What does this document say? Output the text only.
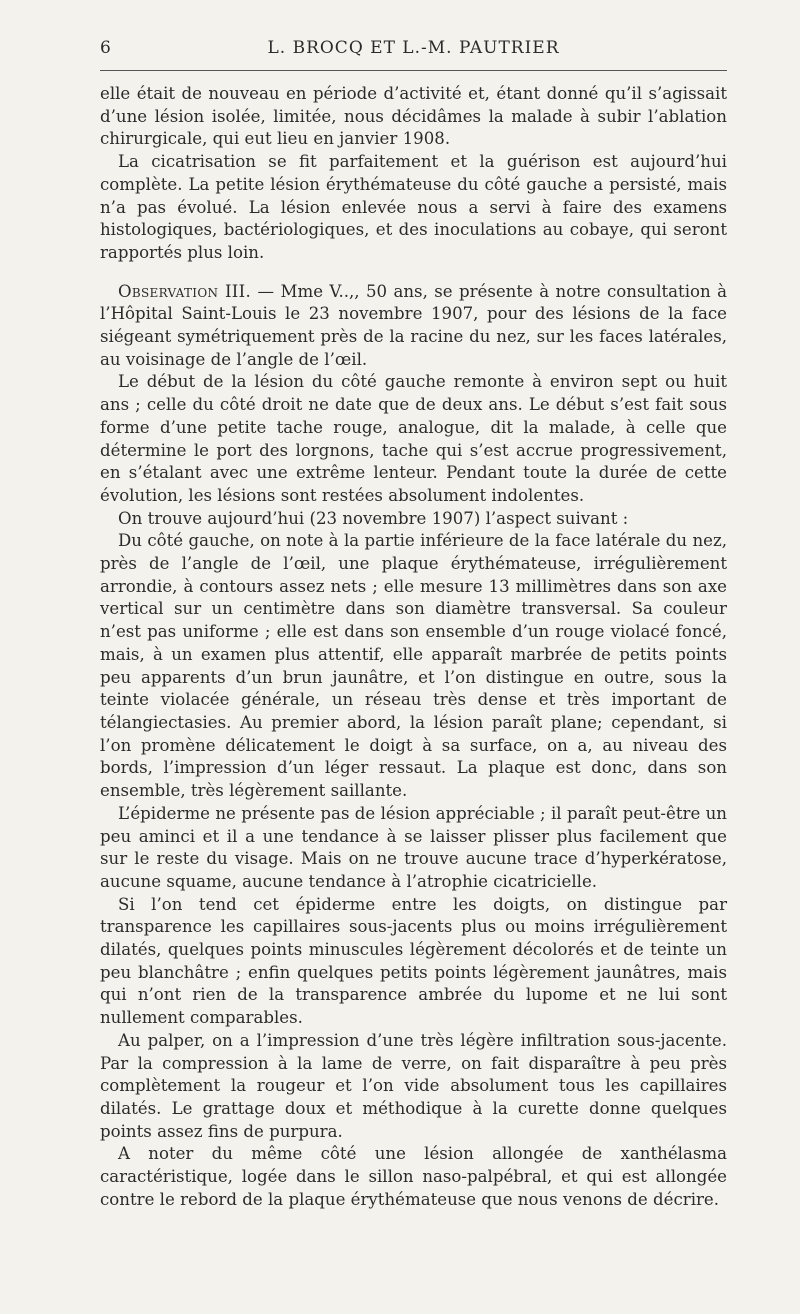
6	L. BROCQ ET L.-M. PAUTRIER

elle était de nouveau en période d’activité et, étant donné qu’il s’agissait d’une lésion isolée, limitée, nous décidâmes la malade à subir l’ablation chirurgicale, qui eut lieu en janvier 1908.

La cicatrisation se fit parfaitement et la guérison est aujourd’hui complète. La petite lésion érythémateuse du côté gauche a persisté, mais n’a pas évolué. La lésion enlevée nous a servi à faire des examens histologiques, bactériologiques, et des inoculations au cobaye, qui seront rapportés plus loin.

Observation III. — Mme V..,, 50 ans, se présente à notre consultation à l’Hôpital Saint-Louis le 23 novembre 1907, pour des lésions de la face siégeant symétriquement près de la racine du nez, sur les faces latérales, au voisinage de l’angle de l’œil.

Le début de la lésion du côté gauche remonte à environ sept ou huit ans ; celle du côté droit ne date que de deux ans. Le début s’est fait sous forme d’une petite tache rouge, analogue, dit la malade, à celle que détermine le port des lorgnons, tache qui s’est accrue progressivement, en s’étalant avec une extrême lenteur. Pendant toute la durée de cette évolution, les lésions sont restées absolument indolentes.

On trouve aujourd’hui (23 novembre 1907) l’aspect suivant :

Du côté gauche, on note à la partie inférieure de la face latérale du nez, près de l’angle de l’œil, une plaque érythémateuse, irrégulièrement arrondie, à contours assez nets ; elle mesure 13 millimètres dans son axe vertical sur un centimètre dans son diamètre transversal. Sa couleur n’est pas uniforme ; elle est dans son ensemble d’un rouge violacé foncé, mais, à un examen plus attentif, elle apparaît marbrée de petits points peu apparents d’un brun jaunâtre, et l’on distingue en outre, sous la teinte violacée générale, un réseau très dense et très important de télangiectasies. Au premier abord, la lésion paraît plane; cependant, si l’on promène délicatement le doigt à sa surface, on a, au niveau des bords, l’impression d’un léger ressaut. La plaque est donc, dans son ensemble, très légèrement saillante.

L’épiderme ne présente pas de lésion appréciable ; il paraît peut-être un peu aminci et il a une tendance à se laisser plisser plus facilement que sur le reste du visage. Mais on ne trouve aucune trace d’hyperkératose, aucune squame, aucune tendance à l’atrophie cicatricielle.

Si l’on tend cet épiderme entre les doigts, on distingue par transparence les capillaires sous-jacents plus ou moins irrégulièrement dilatés, quelques points minuscules légèrement décolorés et de teinte un peu blanchâtre ; enfin quelques petits points légèrement jaunâtres, mais qui n’ont rien de la transparence ambrée du lupome et ne lui sont nullement comparables.

Au palper, on a l’impression d’une très légère infiltration sous-jacente. Par la compression à la lame de verre, on fait disparaître à peu près complètement la rougeur et l’on vide absolument tous les capillaires dilatés. Le grattage doux et méthodique à la curette donne quelques points assez fins de purpura.

A noter du même côté une lésion allongée de xanthélasma caractéristique, logée dans le sillon naso-palpébral, et qui est allongée contre le rebord de la plaque érythémateuse que nous venons de décrire.
